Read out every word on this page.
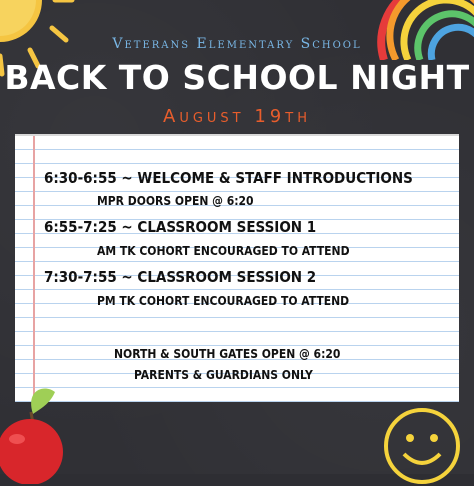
Veterans Elementary School
BACK TO SCHOOL NIGHT
August 19th
6:30-6:55 ~ WELCOME & STAFF INTRODUCTIONS
MPR DOORS OPEN @ 6:20
6:55-7:25 ~ CLASSROOM SESSION 1
AM TK COHORT ENCOURAGED TO ATTEND
7:30-7:55 ~ CLASSROOM SESSION 2
PM TK COHORT ENCOURAGED TO ATTEND
NORTH & SOUTH GATES OPEN @ 6:20
PARENTS & GUARDIANS ONLY
